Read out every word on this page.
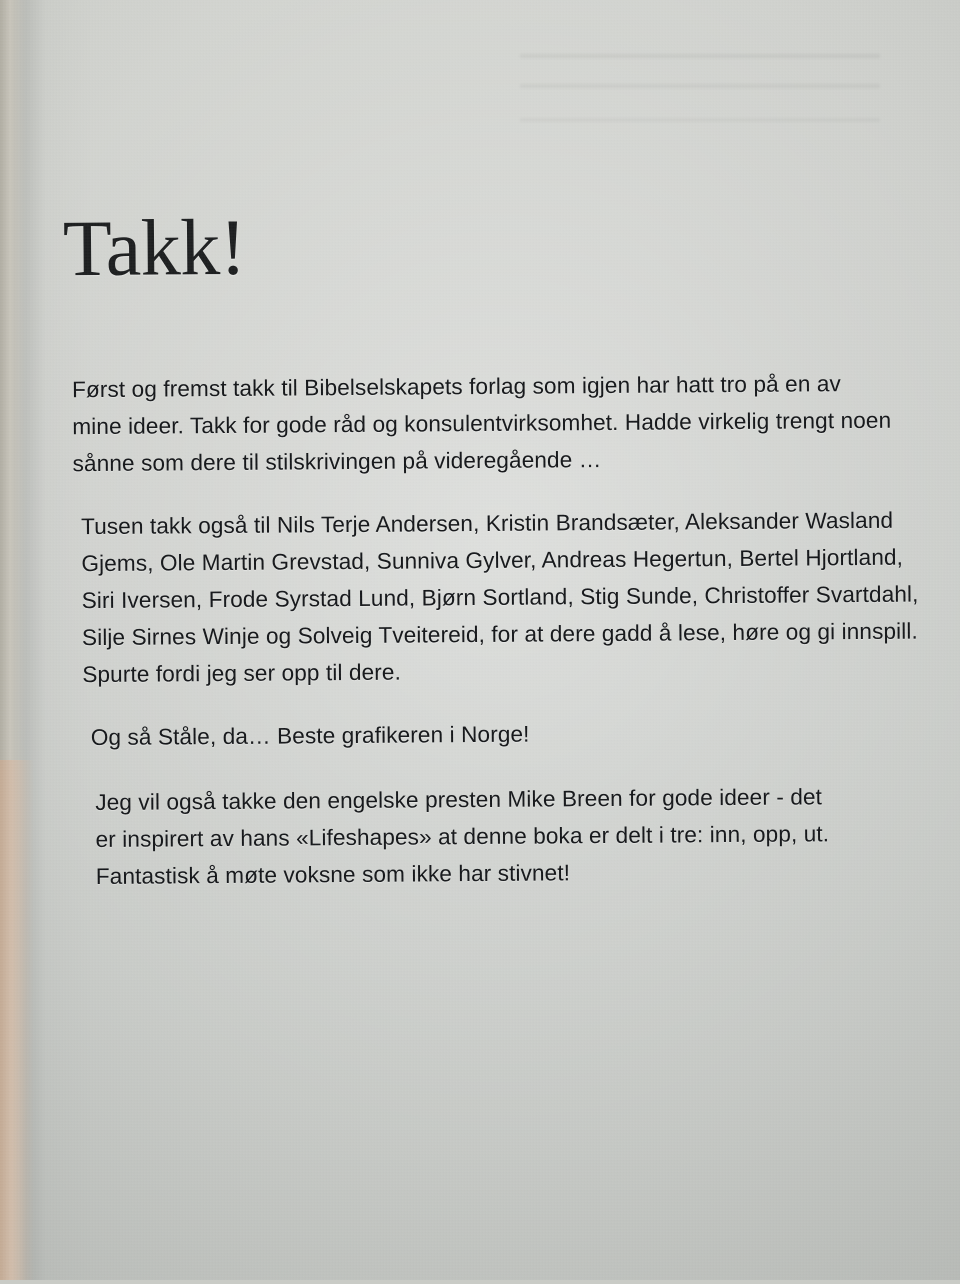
Takk!

Først og fremst takk til Bibelselskapets forlag som igjen har hatt tro på en av
mine ideer. Takk for gode råd og konsulentvirksomhet. Hadde virkelig trengt noen
sånne som dere til stilskrivingen på videregående …

Tusen takk også til Nils Terje Andersen, Kristin Brandsæter, Aleksander Wasland
Gjems, Ole Martin Grevstad, Sunniva Gylver, Andreas Hegertun, Bertel Hjortland,
Siri Iversen, Frode Syrstad Lund, Bjørn Sortland, Stig Sunde, Christoffer Svartdahl,
Silje Sirnes Winje og Solveig Tveitereid, for at dere gadd å lese, høre og gi innspill.
Spurte fordi jeg ser opp til dere.

Og så Ståle, da… Beste grafikeren i Norge!

Jeg vil også takke den engelske presten Mike Breen for gode ideer - det
er inspirert av hans «Lifeshapes» at denne boka er delt i tre: inn, opp, ut.
Fantastisk å møte voksne som ikke har stivnet!
